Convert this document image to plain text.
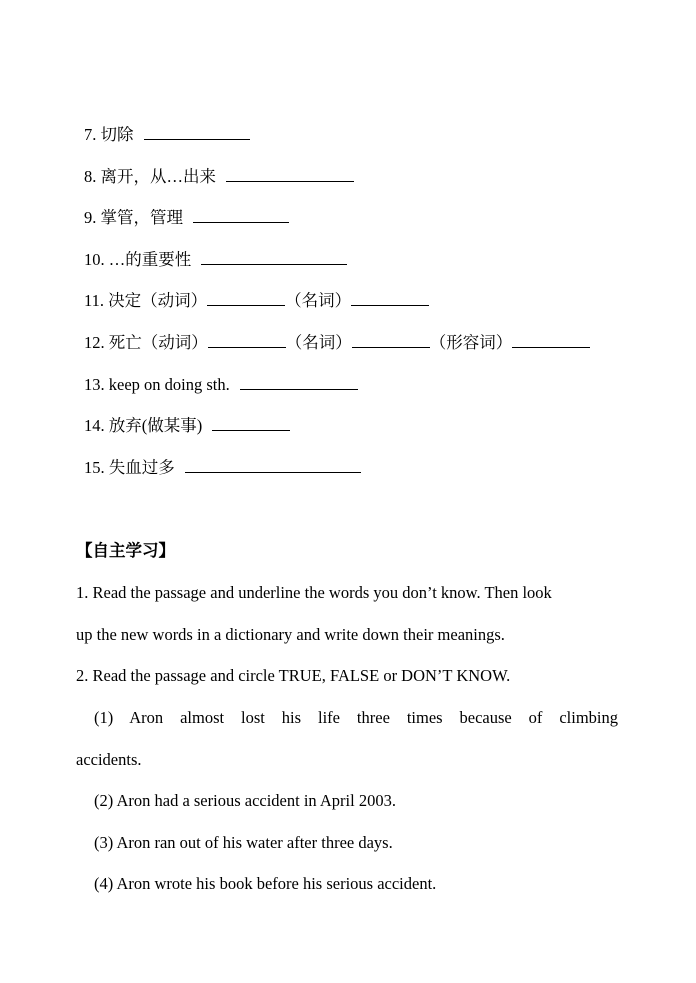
7. 切除
8. 离开，从…出来
9. 掌管，管理
10. …的重要性
11. 决定（动词）	（名词）
12. 死亡（动词）	（名词）	（形容词）
13. keep on doing sth.
14. 放弃(做某事)
15. 失血过多
【自主学习】
1. Read the passage and underline the words you don’t know. Then look
up the new words in a dictionary and write down their meanings.
2. Read the passage and circle TRUE, FALSE or DON’T KNOW.
(1) Aron almost lost his life three times because of climbing
accidents.
(2) Aron had a serious accident in April 2003.
(3) Aron ran out of his water after three days.
(4) Aron wrote his book before his serious accident.
